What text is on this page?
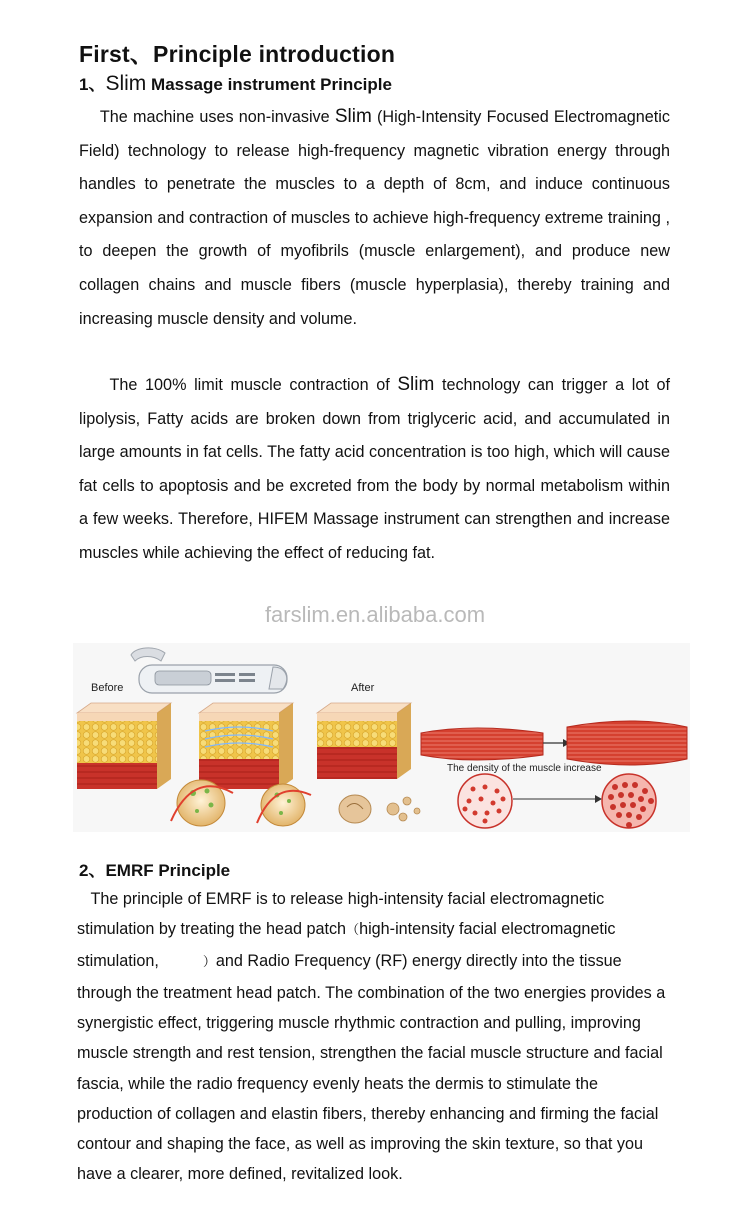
First、Principle introduction
1、Slim Massage instrument Principle

The machine uses non-invasive Slim (High-Intensity Focused Electromagnetic Field) technology to release high-frequency magnetic vibration energy through handles to penetrate the muscles to a depth of 8cm, and induce continuous expansion and contraction of muscles to achieve high-frequency extreme training , to deepen the growth of myofibrils (muscle enlargement), and produce new collagen chains and muscle fibers (muscle hyperplasia), thereby training and increasing muscle density and volume.

The 100% limit muscle contraction of Slim technology can trigger a lot of lipolysis, Fatty acids are broken down from triglyceric acid, and accumulated in large amounts in fat cells. The fatty acid concentration is too high, which will cause fat cells to apoptosis and be excreted from the body by normal metabolism within a few weeks. Therefore, HIFEM Massage instrument can strengthen and increase muscles while achieving the effect of reducing fat.

farslim.en.alibaba.com

Before	After
The density of the muscle increase
2、EMRF Principle

The principle of EMRF is to release high-intensity facial electromagnetic stimulation by treating the head patch（high-intensity facial electromagnetic stimulation,	）and Radio Frequency (RF) energy directly into the tissue through the treatment head patch. The combination of the two energies provides a synergistic effect, triggering muscle rhythmic contraction and pulling, improving muscle strength and rest tension, strengthen the facial muscle structure and facial fascia, while the radio frequency evenly heats the dermis to stimulate the production of collagen and elastin fibers, thereby enhancing and firming the facial contour and shaping the face, as well as improving the skin texture, so that you have a clearer, more defined, revitalized look.
